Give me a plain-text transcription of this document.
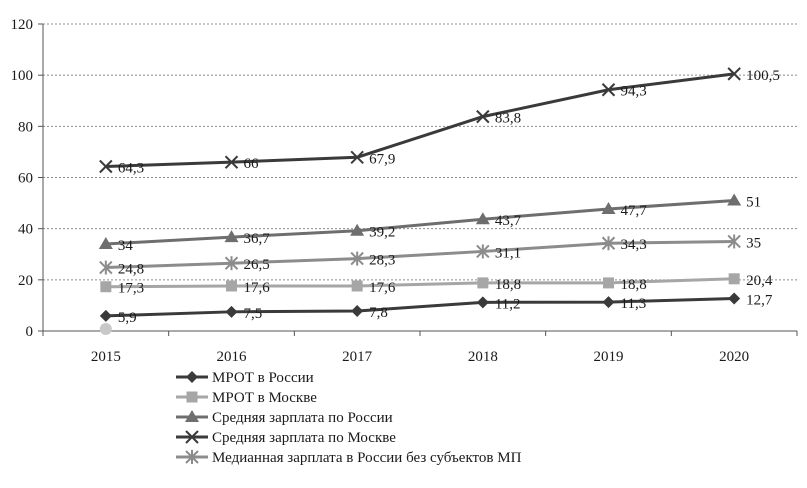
0
20
40
60
80
100
120
2015	2016	2017	2018	2019	2020
5,9	7,5	7,8
11,2	11,3	12,7
17,3	17,6	17,6	18,8	18,8	20,4
34	36,7	39,2
43,7
47,7
51
64,3	66	67,9
83,8
94,3
100,5
24,8	26,5	28,3	31,1
34,3	35
МРОТ в России
МРОТ в Москве
Средняя зарплата по России
Средняя зарплата по Москве
Медианная зарплата в России без субъектов МП
